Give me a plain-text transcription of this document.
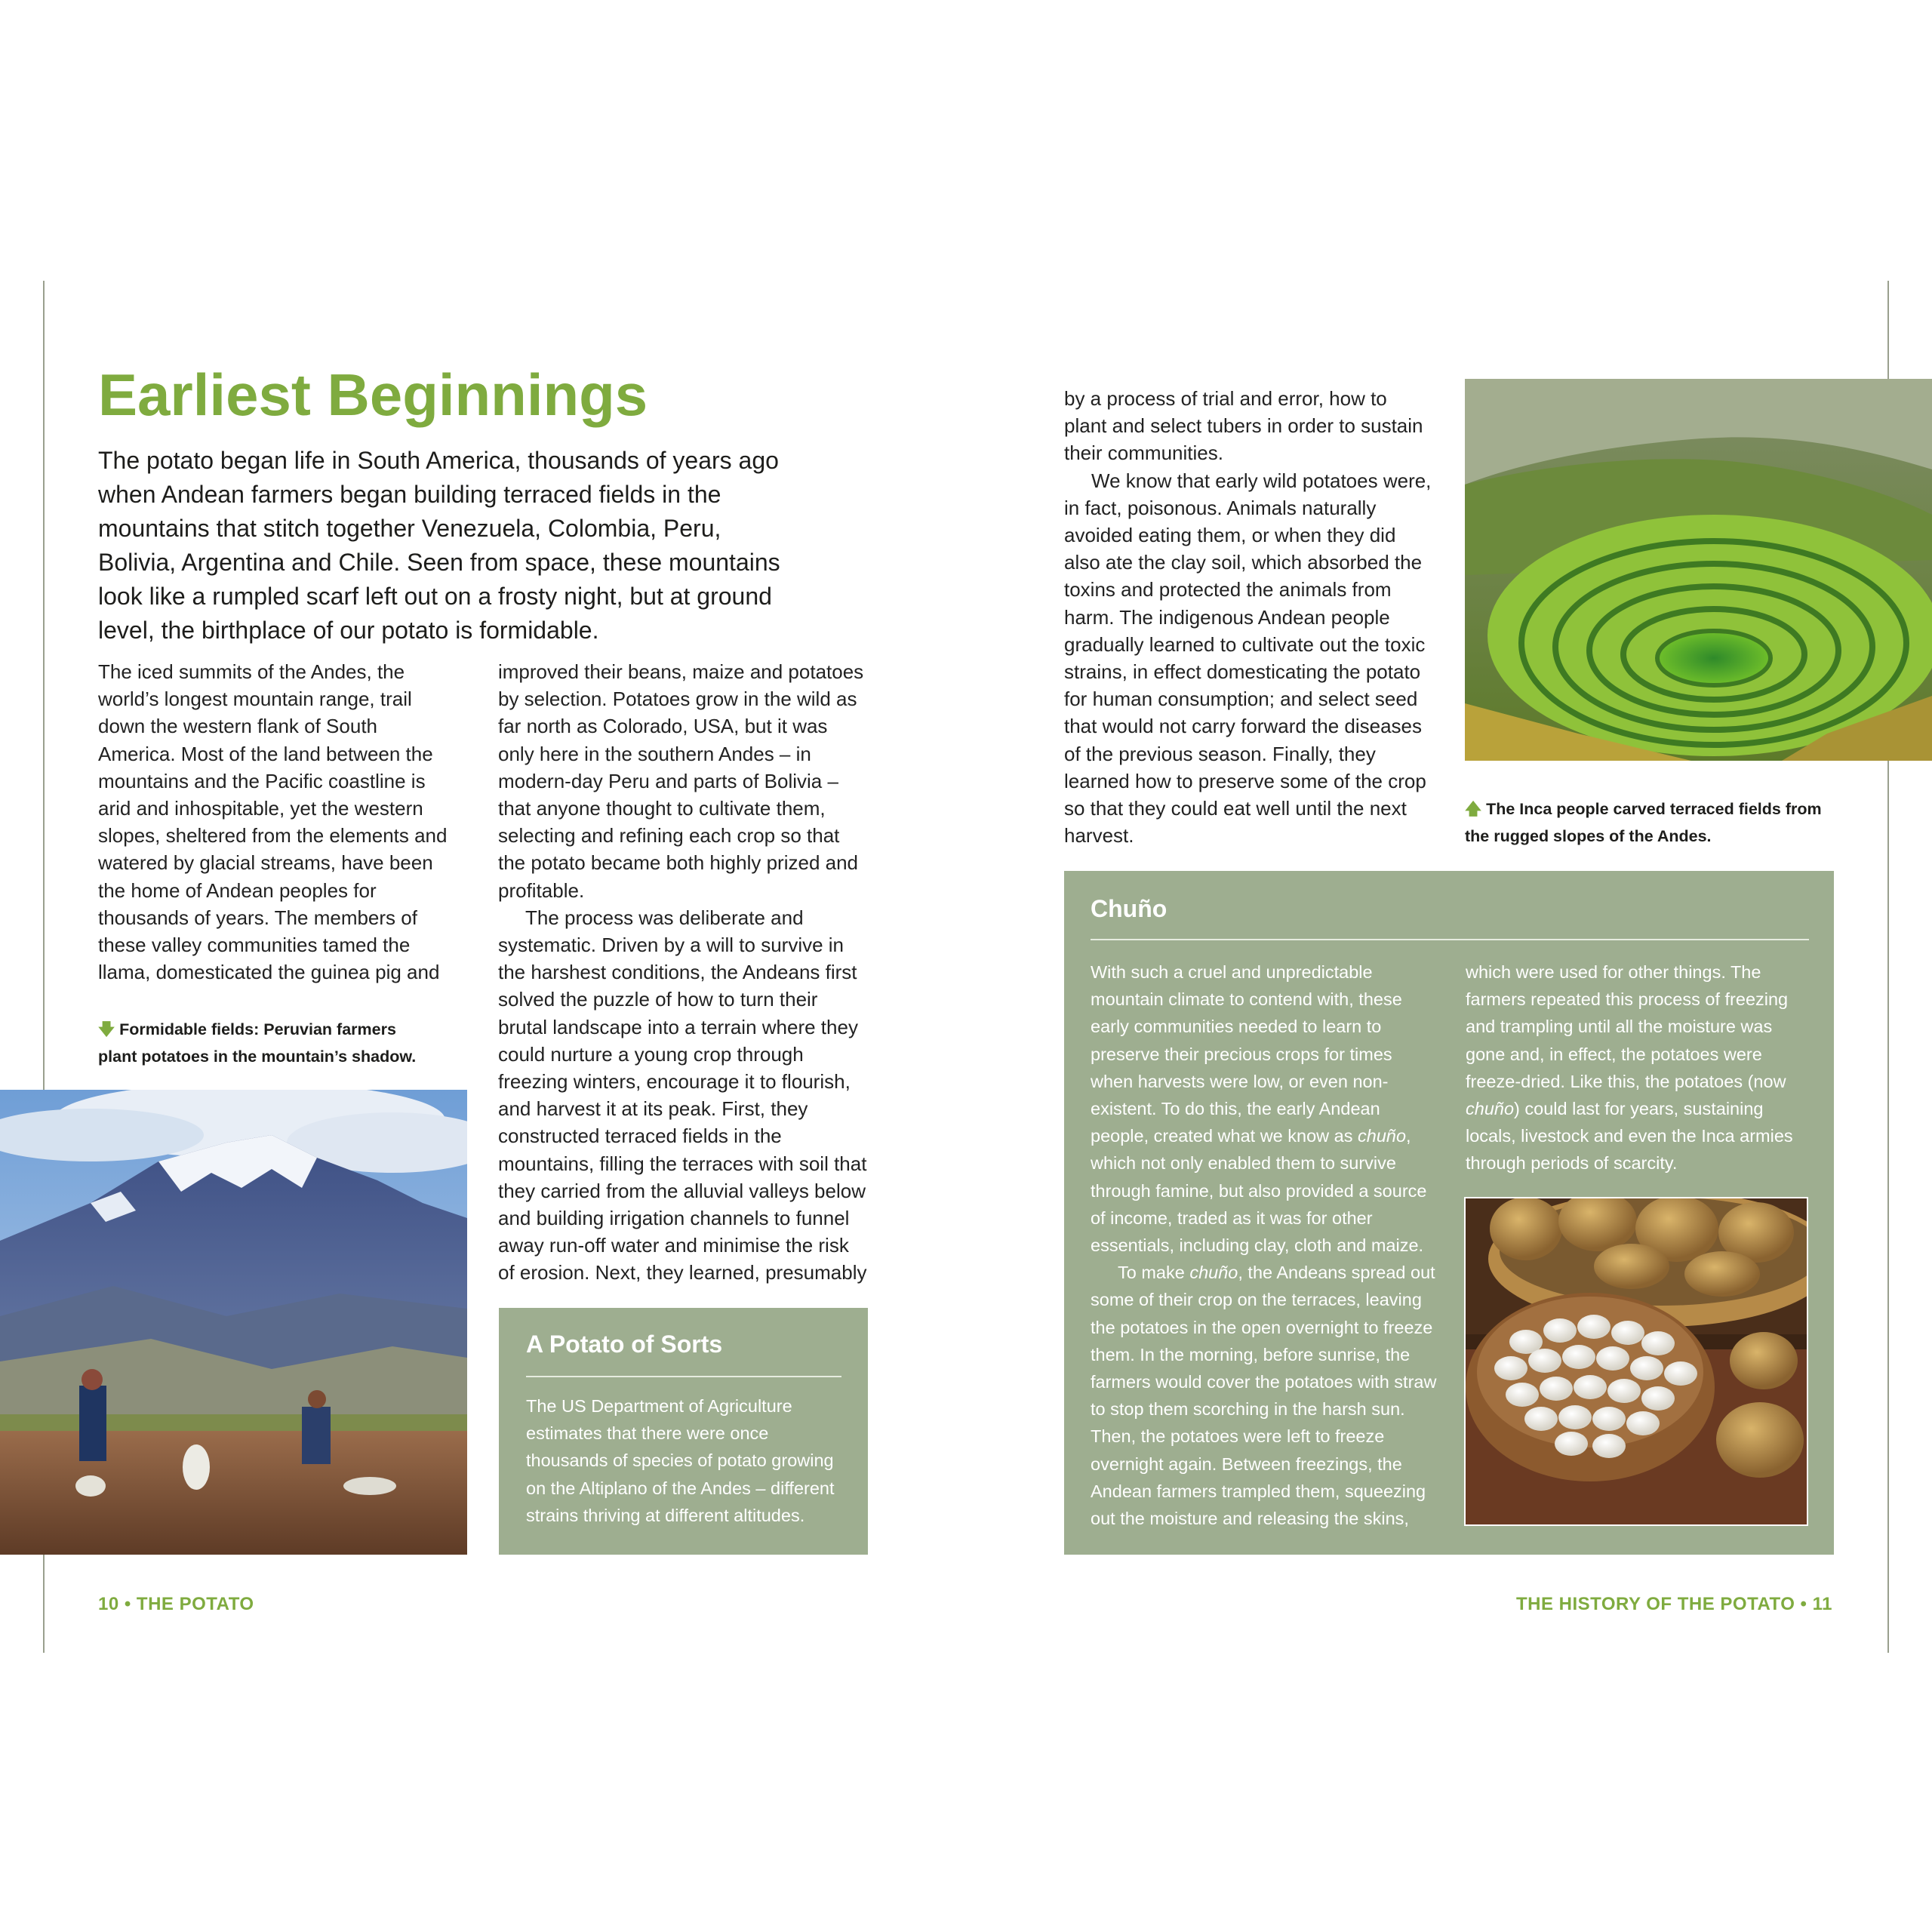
Earliest Beginnings
The potato began life in South America, thousands of years ago when Andean farmers began building terraced fields in the mountains that stitch together Venezuela, Colombia, Peru, Bolivia, Argentina and Chile. Seen from space, these mountains look like a rumpled scarf left out on a frosty night, but at ground level, the birthplace of our potato is formidable.

The iced summits of the Andes, the world’s longest mountain range, trail down the western flank of South America. Most of the land between the mountains and the Pacific coastline is arid and inhospitable, yet the western slopes, sheltered from the elements and watered by glacial streams, have been the home of Andean peoples for thousands of years. The members of these valley communities tamed the llama, domesticated the guinea pig and

🡇 Formidable fields: Peruvian farmers plant potatoes in the mountain’s shadow.

improved their beans, maize and potatoes by selection. Potatoes grow in the wild as far north as Colorado, USA, but it was only here in the southern Andes – in modern-day Peru and parts of Bolivia – that anyone thought to cultivate them, selecting and refining each crop so that the potato became both highly prized and profitable.

The process was deliberate and systematic. Driven by a will to survive in the harshest conditions, the Andeans first solved the puzzle of how to turn their brutal landscape into a terrain where they could nurture a young crop through freezing winters, encourage it to flourish, and harvest it at its peak. First, they constructed terraced fields in the mountains, filling the terraces with soil that they carried from the alluvial valleys below and building irrigation channels to funnel away run-off water and minimise the risk of erosion. Next, they learned, presumably

A Potato of Sorts

The US Department of Agriculture estimates that there were once thousands of species of potato growing on the Altiplano of the Andes – different strains thriving at different altitudes.

10 • THE POTATO

by a process of trial and error, how to plant and select tubers in order to sustain their communities.

We know that early wild potatoes were, in fact, poisonous. Animals naturally avoided eating them, or when they did also ate the clay soil, which absorbed the toxins and protected the animals from harm. The indigenous Andean people gradually learned to cultivate out the toxic strains, in effect domesticating the potato for human consumption; and select seed that would not carry forward the diseases of the previous season. Finally, they learned how to preserve some of the crop so that they could eat well until the next harvest.

🡅 The Inca people carved terraced fields from the rugged slopes of the Andes.
Chuño

With such a cruel and unpredictable mountain climate to contend with, these early communities needed to learn to preserve their precious crops for times when harvests were low, or even non-existent. To do this, the early Andean people, created what we know as chuño, which not only enabled them to survive through famine, but also provided a source of income, traded as it was for other essentials, including clay, cloth and maize.

To make chuño, the Andeans spread out some of their crop on the terraces, leaving the potatoes in the open overnight to freeze them. In the morning, before sunrise, the farmers would cover the potatoes with straw to stop them scorching in the harsh sun. Then, the potatoes were left to freeze overnight again. Between freezings, the Andean farmers trampled them, squeezing out the moisture and releasing the skins,

which were used for other things. The farmers repeated this process of freezing and trampling until all the moisture was gone and, in effect, the potatoes were freeze-dried. Like this, the potatoes (now chuño) could last for years, sustaining locals, livestock and even the Inca armies through periods of scarcity.

THE HISTORY OF THE POTATO • 11
